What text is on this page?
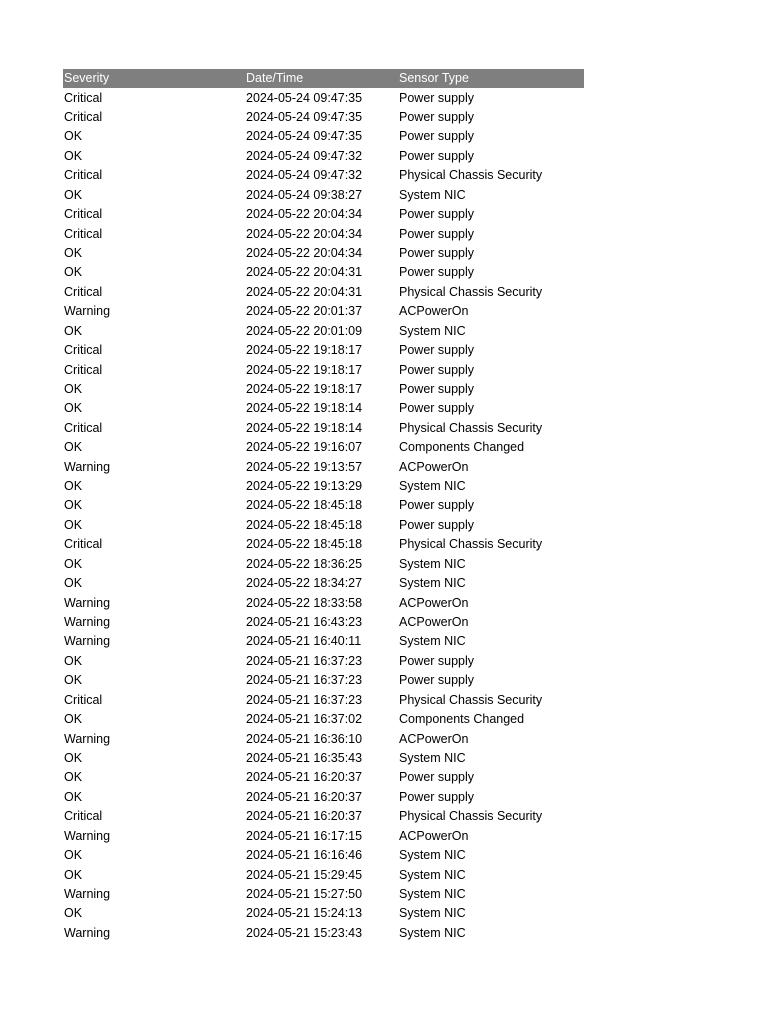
Severity	Date/Time	Sensor Type
Critical	2024-05-24 09:47:35	Power supply
Critical	2024-05-24 09:47:35	Power supply
OK	2024-05-24 09:47:35	Power supply
OK	2024-05-24 09:47:32	Power supply
Critical	2024-05-24 09:47:32	Physical Chassis Security
OK	2024-05-24 09:38:27	System NIC
Critical	2024-05-22 20:04:34	Power supply
Critical	2024-05-22 20:04:34	Power supply
OK	2024-05-22 20:04:34	Power supply
OK	2024-05-22 20:04:31	Power supply
Critical	2024-05-22 20:04:31	Physical Chassis Security
Warning	2024-05-22 20:01:37	ACPowerOn
OK	2024-05-22 20:01:09	System NIC
Critical	2024-05-22 19:18:17	Power supply
Critical	2024-05-22 19:18:17	Power supply
OK	2024-05-22 19:18:17	Power supply
OK	2024-05-22 19:18:14	Power supply
Critical	2024-05-22 19:18:14	Physical Chassis Security
OK	2024-05-22 19:16:07	Components Changed
Warning	2024-05-22 19:13:57	ACPowerOn
OK	2024-05-22 19:13:29	System NIC
OK	2024-05-22 18:45:18	Power supply
OK	2024-05-22 18:45:18	Power supply
Critical	2024-05-22 18:45:18	Physical Chassis Security
OK	2024-05-22 18:36:25	System NIC
OK	2024-05-22 18:34:27	System NIC
Warning	2024-05-22 18:33:58	ACPowerOn
Warning	2024-05-21 16:43:23	ACPowerOn
Warning	2024-05-21 16:40:11	System NIC
OK	2024-05-21 16:37:23	Power supply
OK	2024-05-21 16:37:23	Power supply
Critical	2024-05-21 16:37:23	Physical Chassis Security
OK	2024-05-21 16:37:02	Components Changed
Warning	2024-05-21 16:36:10	ACPowerOn
OK	2024-05-21 16:35:43	System NIC
OK	2024-05-21 16:20:37	Power supply
OK	2024-05-21 16:20:37	Power supply
Critical	2024-05-21 16:20:37	Physical Chassis Security
Warning	2024-05-21 16:17:15	ACPowerOn
OK	2024-05-21 16:16:46	System NIC
OK	2024-05-21 15:29:45	System NIC
Warning	2024-05-21 15:27:50	System NIC
OK	2024-05-21 15:24:13	System NIC
Warning	2024-05-21 15:23:43	System NIC
